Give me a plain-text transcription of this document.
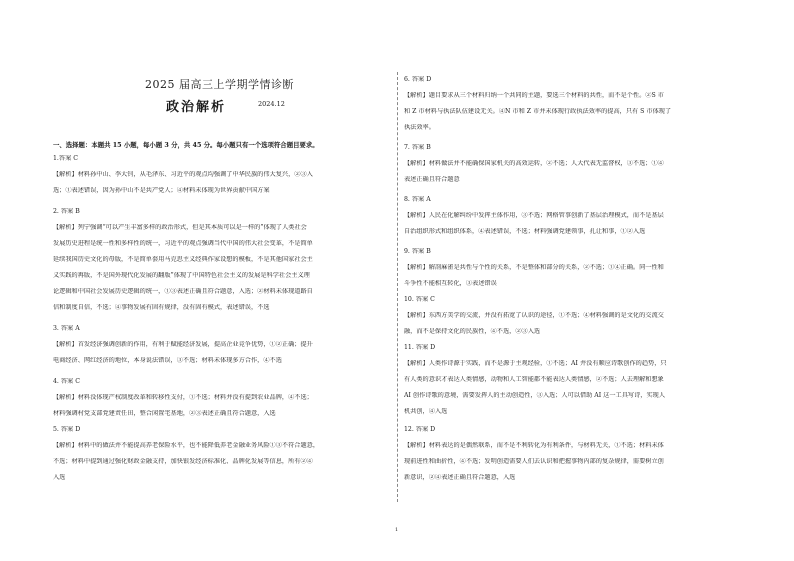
2025 届高三上学期学情诊断
政治解析	2024.12
一、选择题：本题共 15 小题，每小题 3 分，共 45 分。每小题只有一个选项符合题目要求。
1.答案 C
【解析】材料孙中山、李大钊，从毛泽东、习近平的观点均强调了中华民族的伟大复兴，②③入
选；①表述错误，因为孙中山不是共产党人；④材料未体现为世界贡献中国方案
2. 答案 B
【解析】列宁强调“可以产生丰富多样的政治形式，但是其本质可以是一样的”体现了人类社会
发展历史进程是统一性和多样性的统一，习近平的观点强调当代中国的伟大社会变革，不是简单
延续我国历史文化的母版，不是简单套用马克思主义经典作家设想的模板，不是其他国家社会主
义实践的再版，不是国外现代化发展的翻版”体现了中国特色社会主义的发展是科学社会主义理
论逻辑和中国社会发展历史逻辑的统一，①③表述正确且符合题意，入选；②材料未体现道路自
信和制度自信，不选；④事物发展有固有规律，没有固有模式，表述错误，不选
3. 答案 A
【解析】首发经济强调创新的作用，有利于赋能经济发展，提高企业竞争优势，①②正确；提升
电商经济、网红经济的地位，本身说法错误，③不选；材料未体现多方合作，④不选
4. 答案 C
【解析】材料没体现产权制度改革和转移性支付，①不选；材料并没有提到农业品牌，④不选；
材料强调村党支部党建责任田，整合闲置宅基地，②③表述正确且符合题意，入选
5. 答案 D
【解析】材料中的做法并不能提高养老保险水平，也不能降低养老金融业务风险①③不符合题意，
不选；材料中提到通过强化财政金融支持，加快银发经济标准化、品牌化发展等信息，所有②④
入选
6. 答案 D
【解析】题目要求从三个材料归纳一个共同的主题，要选三个材料的共性，而不是个性。②S 市
和 Z 市材料与执法队伍建设无关。④N 市和 Z 市并未体现行政执法效率的提高，只有 S 市体现了
执法效率。
7. 答案 B
【解析】材料做法并不能确保国家机关的高效运转，②不选；人大代表无监督权，③不选；①④
表述正确且符合题意
8. 答案 A
【解析】人民在化解纠纷中发挥主体作用，③不选；网格管事创新了基层治理模式，而不是基层
自治组织形式和组织体系，④表述错误，不选；材料强调党建领事，扎让和事，①②入选
9. 答案 B
【解析】解剖麻雀是共性与个性的关系，不是整体和部分的关系，②不选；①④正确。同一性和
斗争性不能相互转化，③表述错误
10. 答案 C
【解析】东西方美学的交流，并没有拓宽了认识的途径，①不选；④材料强调的是文化的交流交
融，而不是保持文化的民族性，④不选，②③入选
11. 答案 D
【解析】人类作诗源于实践，而不是源于主观经验，①不选；AI 并没有顺应诗歌创作的趋势，只
有人类的意识才表达人类情感，动物和人工智能都不能表达人类情感，②不选；人去理解和想象
AI 创作诗歌的意境，需要发挥人的主动创造性，③入选；人可以借助 AI 这一工具写诗，实现人
机共创，④入选
12. 答案 D
【解析】材料表达的是偶然联系，而不是不利转化为有利条件，与材料无关，①不选；材料未体
现前进性和曲折性，④不选；发明创造需要人们去认识和把握事物内部的复杂规律，需要树立创
新意识，②④表述正确且符合题意，入选
1
